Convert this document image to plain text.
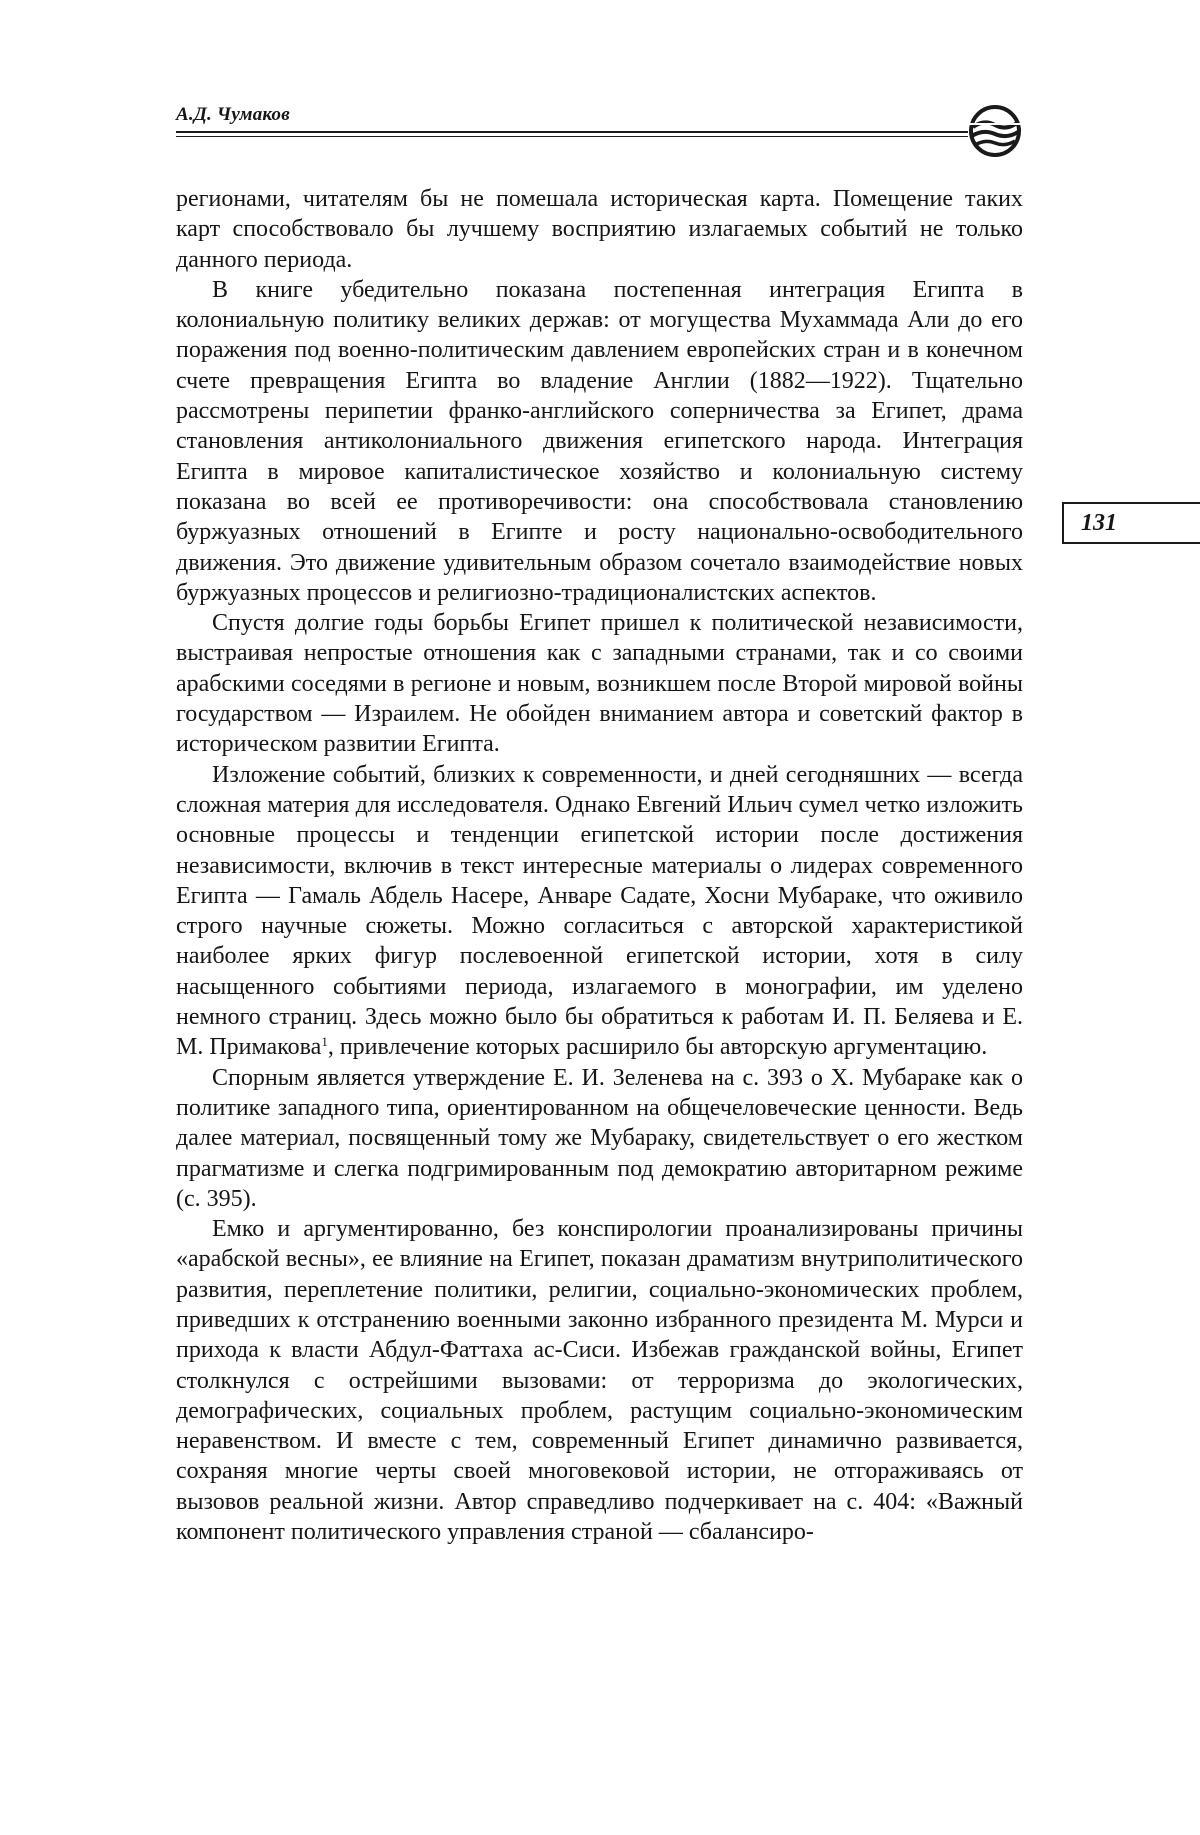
А.Д. Чумаков
131

регионами, читателям бы не помешала историческая карта. Помещение таких карт способствовало бы лучшему восприятию излагаемых событий не только данного периода.

В книге убедительно показана постепенная интеграция Египта в колониальную политику великих держав: от могущества Мухаммада Али до его поражения под военно-политическим давлением европейских стран и в конечном счете превращения Египта во владение Англии (1882—1922). Тщательно рассмотрены перипетии франко-английского соперничества за Египет, драма становления антиколониального движения египетского народа. Интеграция Египта в мировое капиталистическое хозяйство и колониальную систему показана во всей ее противоречивости: она способствовала становлению буржуазных отношений в Египте и росту национально-освободительного движения. Это движение удивительным образом сочетало взаимодействие новых буржуазных процессов и религиозно-традиционалистских аспектов.

Спустя долгие годы борьбы Египет пришел к политической независимости, выстраивая непростые отношения как с западными странами, так и со своими арабскими соседями в регионе и новым, возникшем после Второй мировой войны государством — Израилем. Не обойден вниманием автора и советский фактор в историческом развитии Египта.

Изложение событий, близких к современности, и дней сегодняшних — всегда сложная материя для исследователя. Однако Евгений Ильич сумел четко изложить основные процессы и тенденции египетской истории после достижения независимости, включив в текст интересные материалы о лидерах современного Египта — Гамаль Абдель Насере, Анваре Садате, Хосни Мубараке, что оживило строго научные сюжеты. Можно согласиться с авторской характеристикой наиболее ярких фигур послевоенной египетской истории, хотя в силу насыщенного событиями периода, излагаемого в монографии, им уделено немного страниц. Здесь можно было бы обратиться к работам И. П. Беляева и Е. М. Примакова$^1$, привлечение которых расширило бы авторскую аргументацию.

Спорным является утверждение Е. И. Зеленева на с. 393 о Х. Мубараке как о политике западного типа, ориентированном на общечеловеческие ценности. Ведь далее материал, посвященный тому же Мубараку, свидетельствует о его жестком прагматизме и слегка подгримированным под демократию авторитарном режиме (с. 395).

Емко и аргументированно, без конспирологии проанализированы причины «арабской весны», ее влияние на Египет, показан драматизм внутриполитического развития, переплетение политики, религии, социально-экономических проблем, приведших к отстранению военными законно избранного президента М. Мурси и прихода к власти Абдул-Фаттаха ас-Сиси. Избежав гражданской войны, Египет столкнулся с острейшими вызовами: от терроризма до экологических, демографических, социальных проблем, растущим социально-экономическим неравенством. И вместе с тем, современный Египет динамично развивается, сохраняя многие черты своей многовековой истории, не отгораживаясь от вызовов реальной жизни. Автор справедливо подчеркивает на с. 404: «Важный компонент политического управления страной — сбалансиро-
